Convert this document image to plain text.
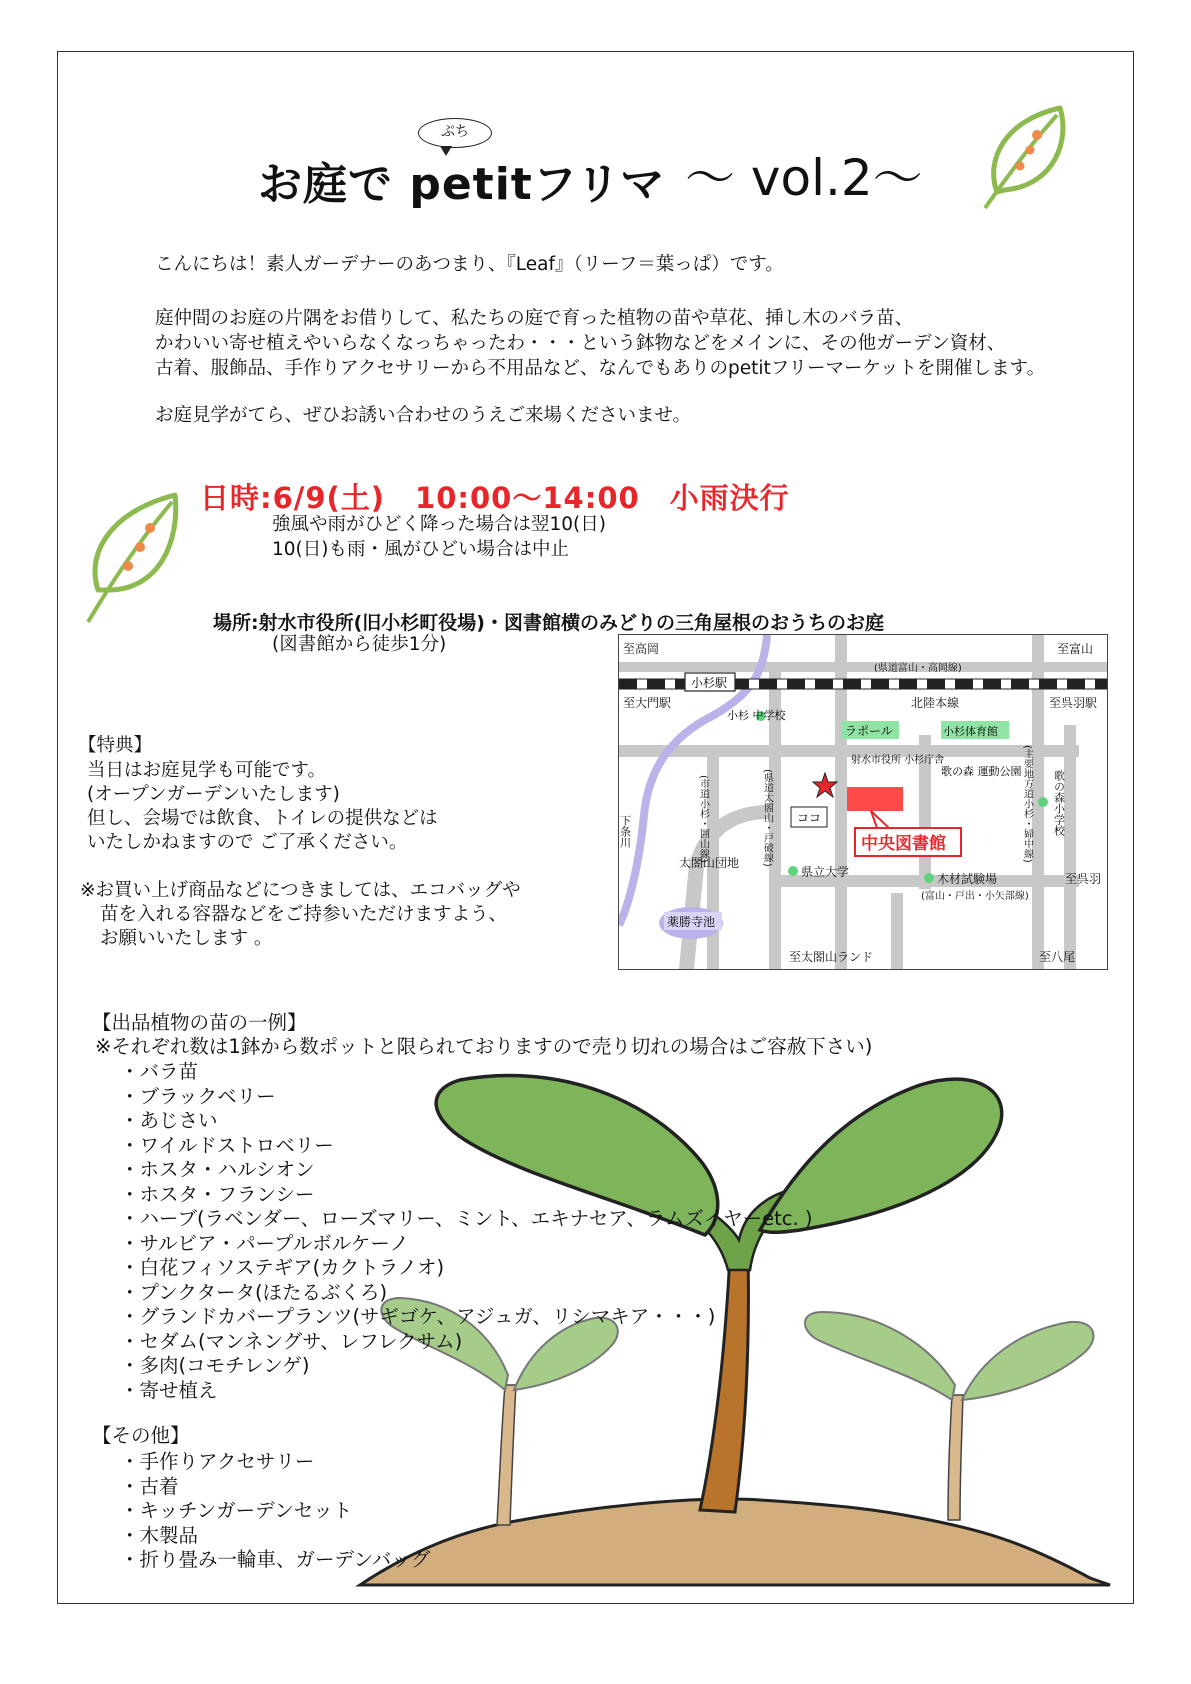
ぷち
お庭で petitフリマ ～ vol.2～
こんにちは！素人ガーデナーのあつまり、『Leaf』（リーフ＝葉っぱ）です。
庭仲間のお庭の片隅をお借りして、私たちの庭で育った植物の苗や草花、挿し木のバラ苗、
かわいい寄せ植えやいらなくなっちゃったわ・・・という鉢物などをメインに、その他ガーデン資材、
古着、服飾品、手作りアクセサリーから不用品など、なんでもありのpetitフリーマーケットを開催します。
お庭見学がてら、ぜひお誘い合わせのうえご来場くださいませ。
日時:6/9(土)　10:00～14:00　小雨決行
強風や雨がひどく降った場合は翌10(日)
10(日)も雨・風がひどい場合は中止
場所:射水市役所(旧小杉町役場)・図書館横のみどりの三角屋根のおうちのお庭
(図書館から徒歩1分)
【特典】
当日はお庭見学も可能です。
(オープンガーデンいたします)
但し、会場では飲食、トイレの提供などは
いたしかねますので ご了承ください。
※お買い上げ商品などにつきましては、エコバッグや
苗を入れる容器などをご持参いただけますよう、
お願いいたします 。
至高岡	至富山
(県道富山・高岡線)
至大門駅	北陸本線	至呉羽駅
太閤山団地
県立大学	木材試験場
(富山・戸出・小矢部線)
至呉羽
至太閤山ランド	至八尾
小杉駅
薬勝寺池
ラポール	小杉体育館
小杉 中学校
射水市役所 小杉庁舎
歌の森 運動公園
中央図書館
ココ
下条川	(市道小杉・囲山線)	(県道太閤山・戸破線)	(主要地方道小杉・婦中線) 歌の森小学校
【出品植物の苗の一例】
※それぞれ数は1鉢から数ポットと限られておりますので売り切れの場合はご容赦下さい)
・バラ苗
・ブラックベリー
・あじさい
・ワイルドストロベリー
・ホスタ・ハルシオン
・ホスタ・フランシー
・ハーブ(ラベンダー、ローズマリー、ミント、エキナセア、ラムズイヤーetc. )
・サルビア・パープルボルケーノ
・白花フィソステギア(カクトラノオ)
・プンクタータ(ほたるぶくろ)
・グランドカバープランツ(サギゴケ、アジュガ、リシマキア・・・)
・セダム(マンネングサ、レフレクサム)
・多肉(コモチレンゲ)
・寄せ植え
【その他】
・手作りアクセサリー
・古着
・キッチンガーデンセット
・木製品
・折り畳み一輪車、ガーデンバッグ
